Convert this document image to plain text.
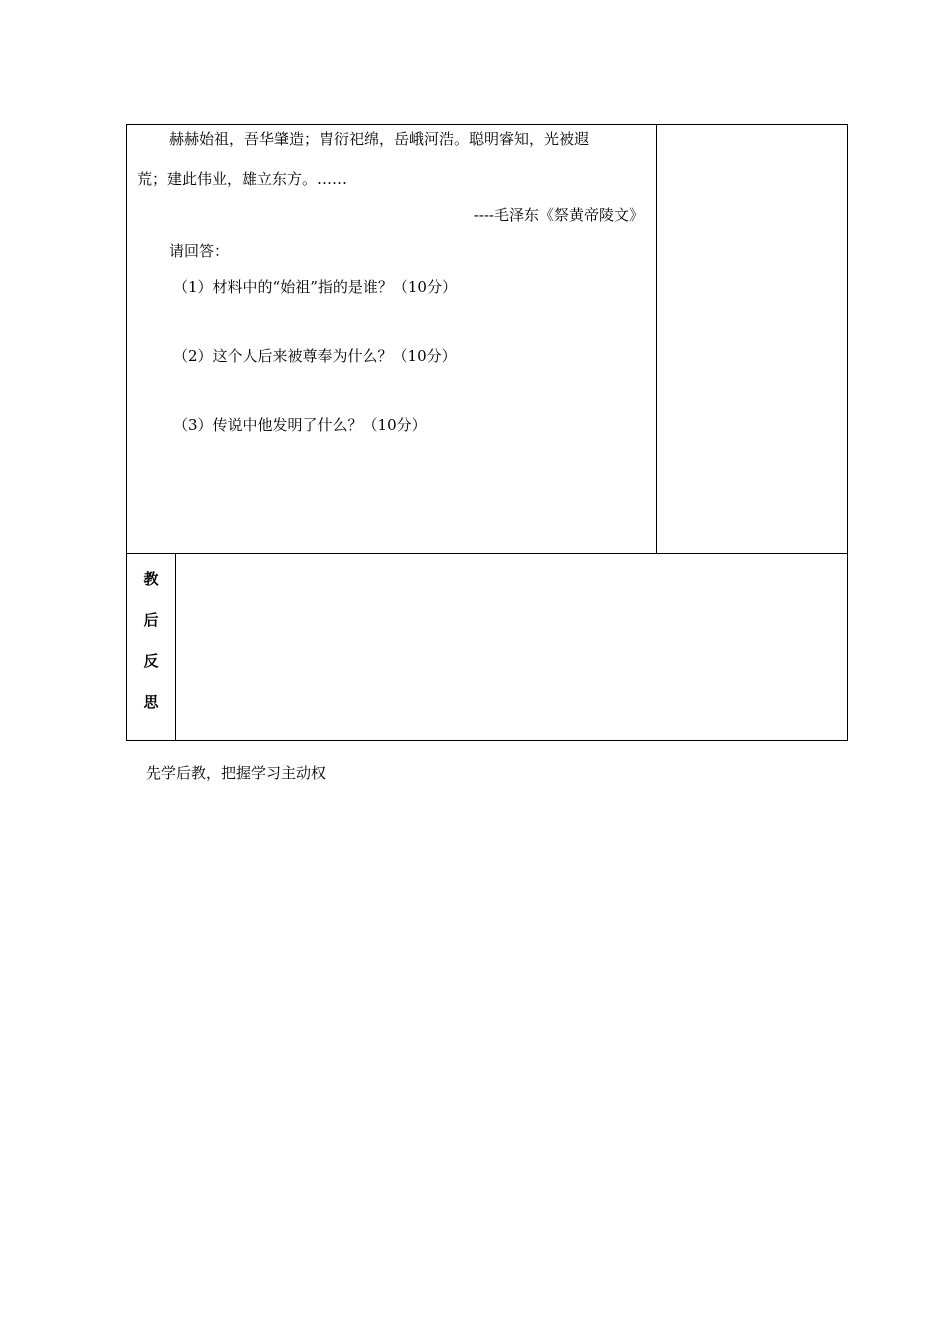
赫赫始祖，吾华肇造；胄衍祀绵，岳峨河浩。聪明睿知，光被遐
荒；建此伟业，雄立东方。……
----毛泽东《祭黄帝陵文》
请回答：
（1）材料中的“始祖”指的是谁？（10分）
（2）这个人后来被尊奉为什么？（10分）
（3）传说中他发明了什么？（10分）
教
后
反
思
先学后教，把握学习主动权
